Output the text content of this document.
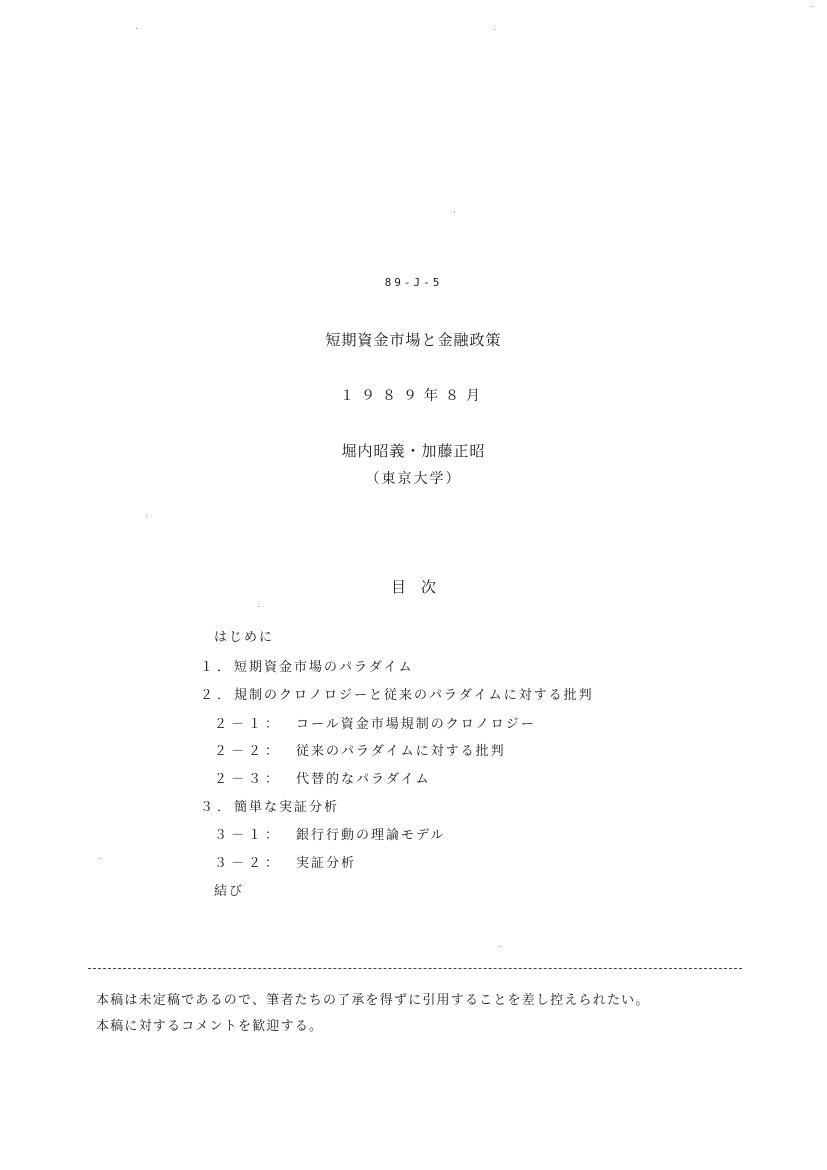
89-J-5
短期資金市場と金融政策
１９８９年８月
堀内昭義・加藤正昭
（東京大学）
目　次
はじめに
１．短期資金市場のパラダイム
２．規制のクロノロジーと従来のパラダイムに対する批判
２－１： コール資金市場規制のクロノロジー
２－２： 従来のパラダイムに対する批判
２－３： 代替的なパラダイム
３．簡単な実証分析
３－１： 銀行行動の理論モデル
３－２： 実証分析
結び
本稿は未定稿であるので、筆者たちの了承を得ずに引用することを差し控えられたい。
本稿に対するコメントを歓迎する。
